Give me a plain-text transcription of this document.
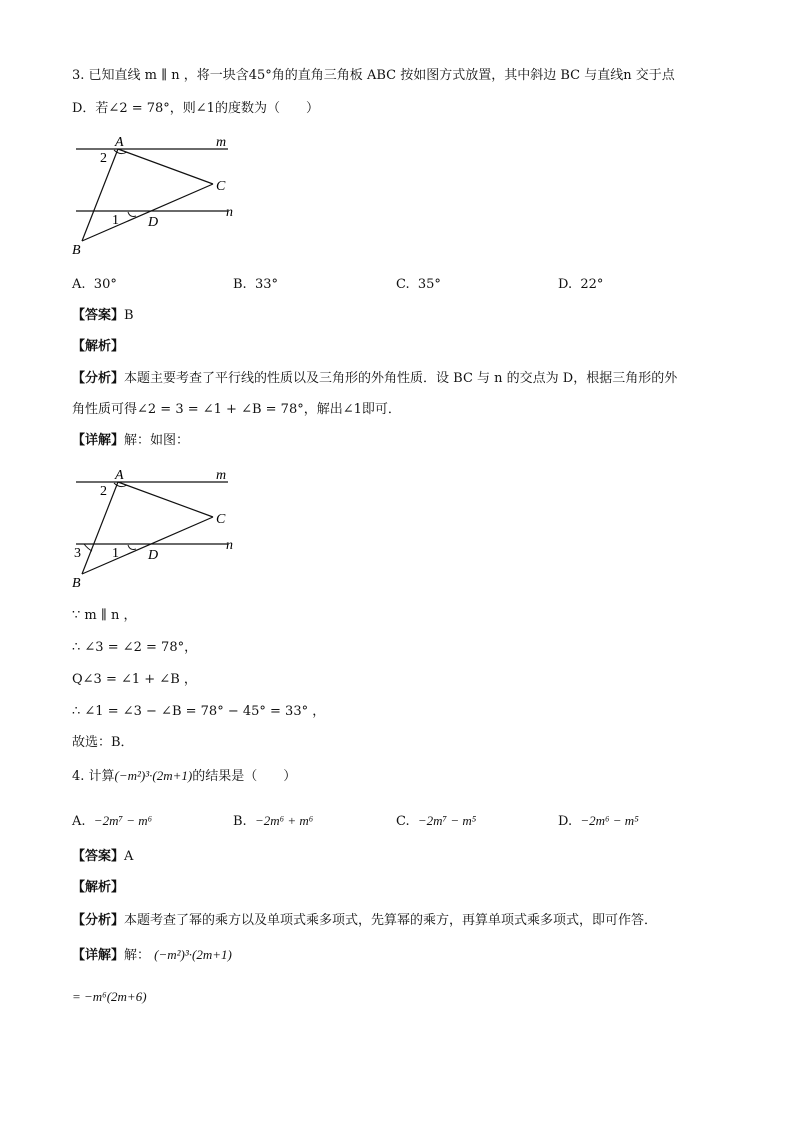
3. 已知直线 m ∥ n ，将一块含45°角的直角三角板 ABC 按如图方式放置，其中斜边 BC 与直线n 交于点
D．若∠2 = 78°，则∠1的度数为（　　）
A	m
2
C
1 D
n
B
A. 30°	B. 33°	C. 35°	D. 22°
【答案】B
【解析】
【分析】本题主要考查了平行线的性质以及三角形的外角性质．设 BC 与 n 的交点为 D，根据三角形的外
角性质可得∠2 = 3 = ∠1 + ∠B = 78°，解出∠1即可．
【详解】解：如图：
A	m
2
C
3 1 D
n
B
∵ m ∥ n ，
∴ ∠3 = ∠2 = 78°，
Q∠3 = ∠1 + ∠B ，
∴ ∠1 = ∠3 − ∠B = 78° − 45° = 33° ，
故选：B．
4. 计算(−m²)³·(2m+1)的结果是（　　）
A. −2m⁷ − m⁶	B. −2m⁶ + m⁶	C. −2m⁷ − m⁵	D. −2m⁶ − m⁵
【答案】A
【解析】
【分析】本题考查了幂的乘方以及单项式乘多项式，先算幂的乘方，再算单项式乘多项式，即可作答．
【详解】解： (−m²)³·(2m+1)
= −m⁶(2m+6)
